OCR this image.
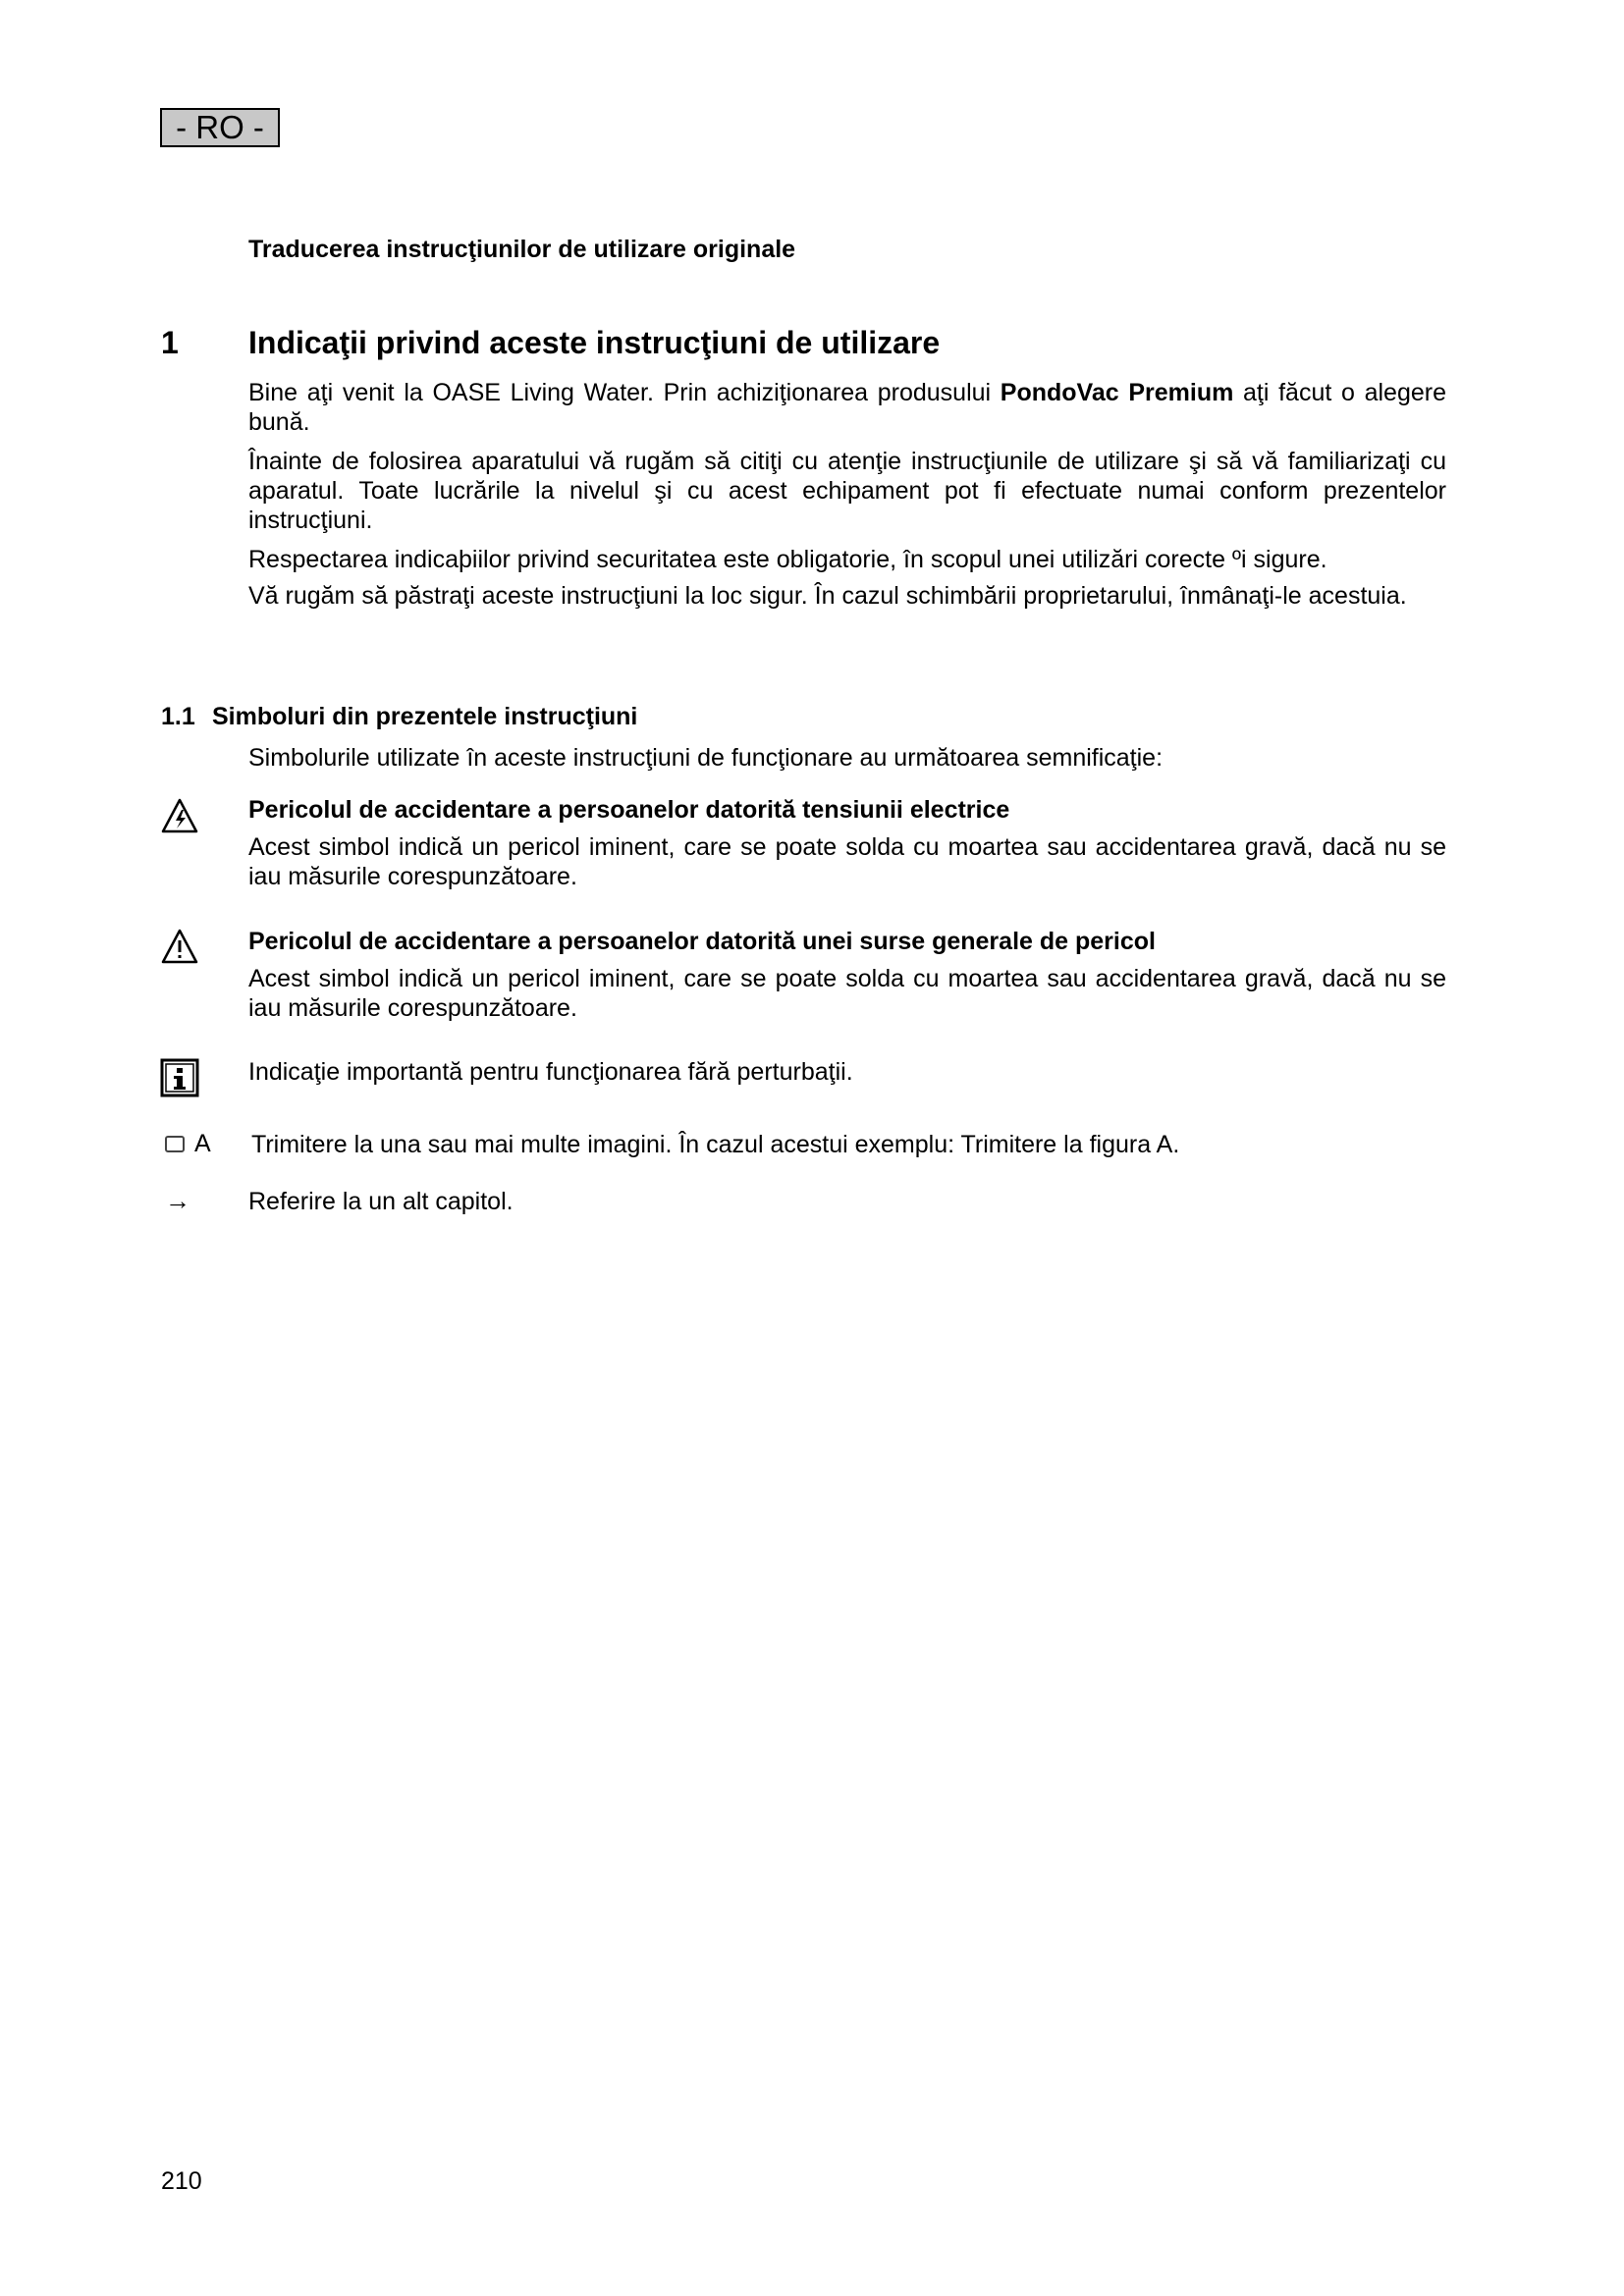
- RO -
Traducerea instrucţiunilor de utilizare originale
1 Indicaţii privind aceste instrucţiuni de utilizare
Bine aţi venit la OASE Living Water. Prin achiziţionarea produsului PondoVac Premium aţi făcut o alegere bună.
Înainte de folosirea aparatului vă rugăm să citiţi cu atenţie instrucţiunile de utilizare şi să vă familiarizaţi cu aparatul. Toate lucrările la nivelul şi cu acest echipament pot fi efectuate numai conform prezentelor instrucţiuni.
Respectarea indicaþiilor privind securitatea este obligatorie, în scopul unei utilizări corecte ºi sigure.
Vă rugăm să păstraţi aceste instrucţiuni la loc sigur. În cazul schimbării proprietarului, înmânaţi-le acestuia.
1.1 Simboluri din prezentele instrucţiuni
Simbolurile utilizate în aceste instrucţiuni de funcţionare au următoarea semnificaţie:
Pericolul de accidentare a persoanelor datorită tensiunii electrice
Acest simbol indică un pericol iminent, care se poate solda cu moartea sau accidentarea gravă, dacă nu se iau măsurile corespunzătoare.
Pericolul de accidentare a persoanelor datorită unei surse generale de pericol
Acest simbol indică un pericol iminent, care se poate solda cu moartea sau accidentarea gravă, dacă nu se iau măsurile corespunzătoare.
Indicaţie importantă pentru funcţionarea fără perturbaţii.
A Trimitere la una sau mai multe imagini. În cazul acestui exemplu: Trimitere la figura A.
→ Referire la un alt capitol.
210
